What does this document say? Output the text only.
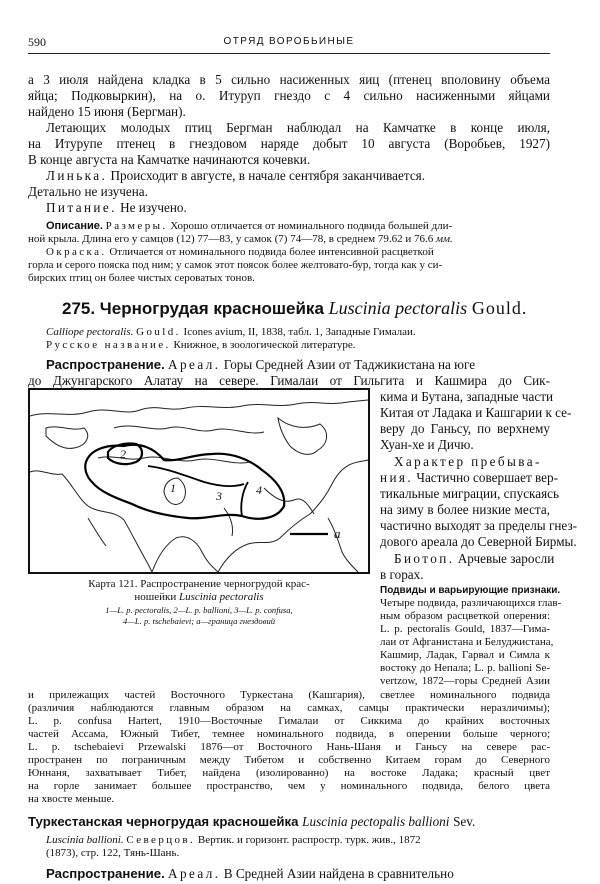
590	ОТРЯД ВОРОБЬИНЫЕ

а 3 июля найдена кладка в 5 сильно насиженных яиц (птенец вполовину объема

яйца; Подковыркин), на о. Итуруп гнездо с 4 сильно насиженными яйцами

найдено 15 июня (Бергман).

Летающих молодых птиц Бергман наблюдал на Камчатке в конце июля,

на Итурупе птенец в гнездовом наряде добыт 10 августа (Воробьев, 1927)

В конце августа на Камчатке начинаются кочевки.

Линька. Происходит в августе, в начале сентября заканчивается.

Детально не изучена.

Питание. Не изучено.

Описание. Размеры. Хорошо отличается от номинального подвида большей дли-

ной крыла. Длина его у самцов (12) 77—83, у самок (7) 74—78, в среднем 79.62 и 76.6 мм.

Окраска. Отличается от номинального подвида более интенсивной расцветкой

горла и серого пояска под ним; у самок этот поясок более желтовато-бур, тогда как у си-

бирских птиц он более чистых сероватых тонов.

275. Черногрудая красношейка Luscinia pectoralis Gould.

Calliope pectoralis. Gould. Icones avium, II, 1838, табл. 1, Западные Гималаи.

Русское название. Книжное, в зоологической литературе.

Распространение. Ареал. Горы Средней Азии от Таджикистана на юге

до Джунгарского Алатау на севере. Гималаи от Гильгита и Кашмира до Сик-

кима и Бутана, западные части

Китая от Ладака и Кашгарии к се-

веру до Ганьсу, по верхнему

Хуан-хе и Дичю.

Характер пребыва-

ния. Частично совершает вер-

тикальные миграции, спускаясь

на зиму в более низкие места,

частично выходят за пределы гнез-

дового ареала до Северной Бирмы.

Биотоп. Арчевые заросли

в горах.

а
1
2
3	4
Карта 121. Распространение черногрудой крас-
ношейки Luscinia pectoralis
1—L. p. pectoralis, 2—L. p. ballioni, 3—L. p. confusa,
4—L. p. tschebaievi; а—граница гнездовий

Подвиды и варьирующие признаки.

Четыре подвида, различающихся глав-

ным образом расцветкой оперения:

L. p. pectoralis Gould, 1837—Гима-

лаи от Афганистана и Белуджистана,

Кашмир, Ладак, Гарвал и Симла к

востоку до Непала; L. p. ballioni Se-

vertzow, 1872—горы Средней Азии

и прилежащих частей Восточного Туркестана (Кашгария), светлее номинального подвида

(различия наблюдаются главным образом на самках, самцы практически неразличимы);

L. p. confusa Hartert, 1910—Восточные Гималаи от Сиккима до крайних восточных

частей Ассама, Южный Тибет, темнее номинального подвида, в оперении больше черного;

L. p. tschebaievi Przewalski 1876—от Восточного Нань-Шаня и Ганьсу на севере рас-

пространен по пограничным между Тибетом и собственно Китаем горам до Северного

Юннаня, захватывает Тибет, найдена (изолированно) на востоке Ладака; красный цвет

на горле занимает большее пространство, чем у номинального подвида, белого цвета

на хвосте меньше.

Туркестанская черногрудая красношейка Luscinia pectopalis ballioni Sev.

Luscinia ballioni. Северцов. Вертик. и горизонт. распростр. турк. жив., 1872

(1873), стр. 122, Тянь-Шань.

Распространение. Ареал. В Средней Азии найдена в сравнительно
